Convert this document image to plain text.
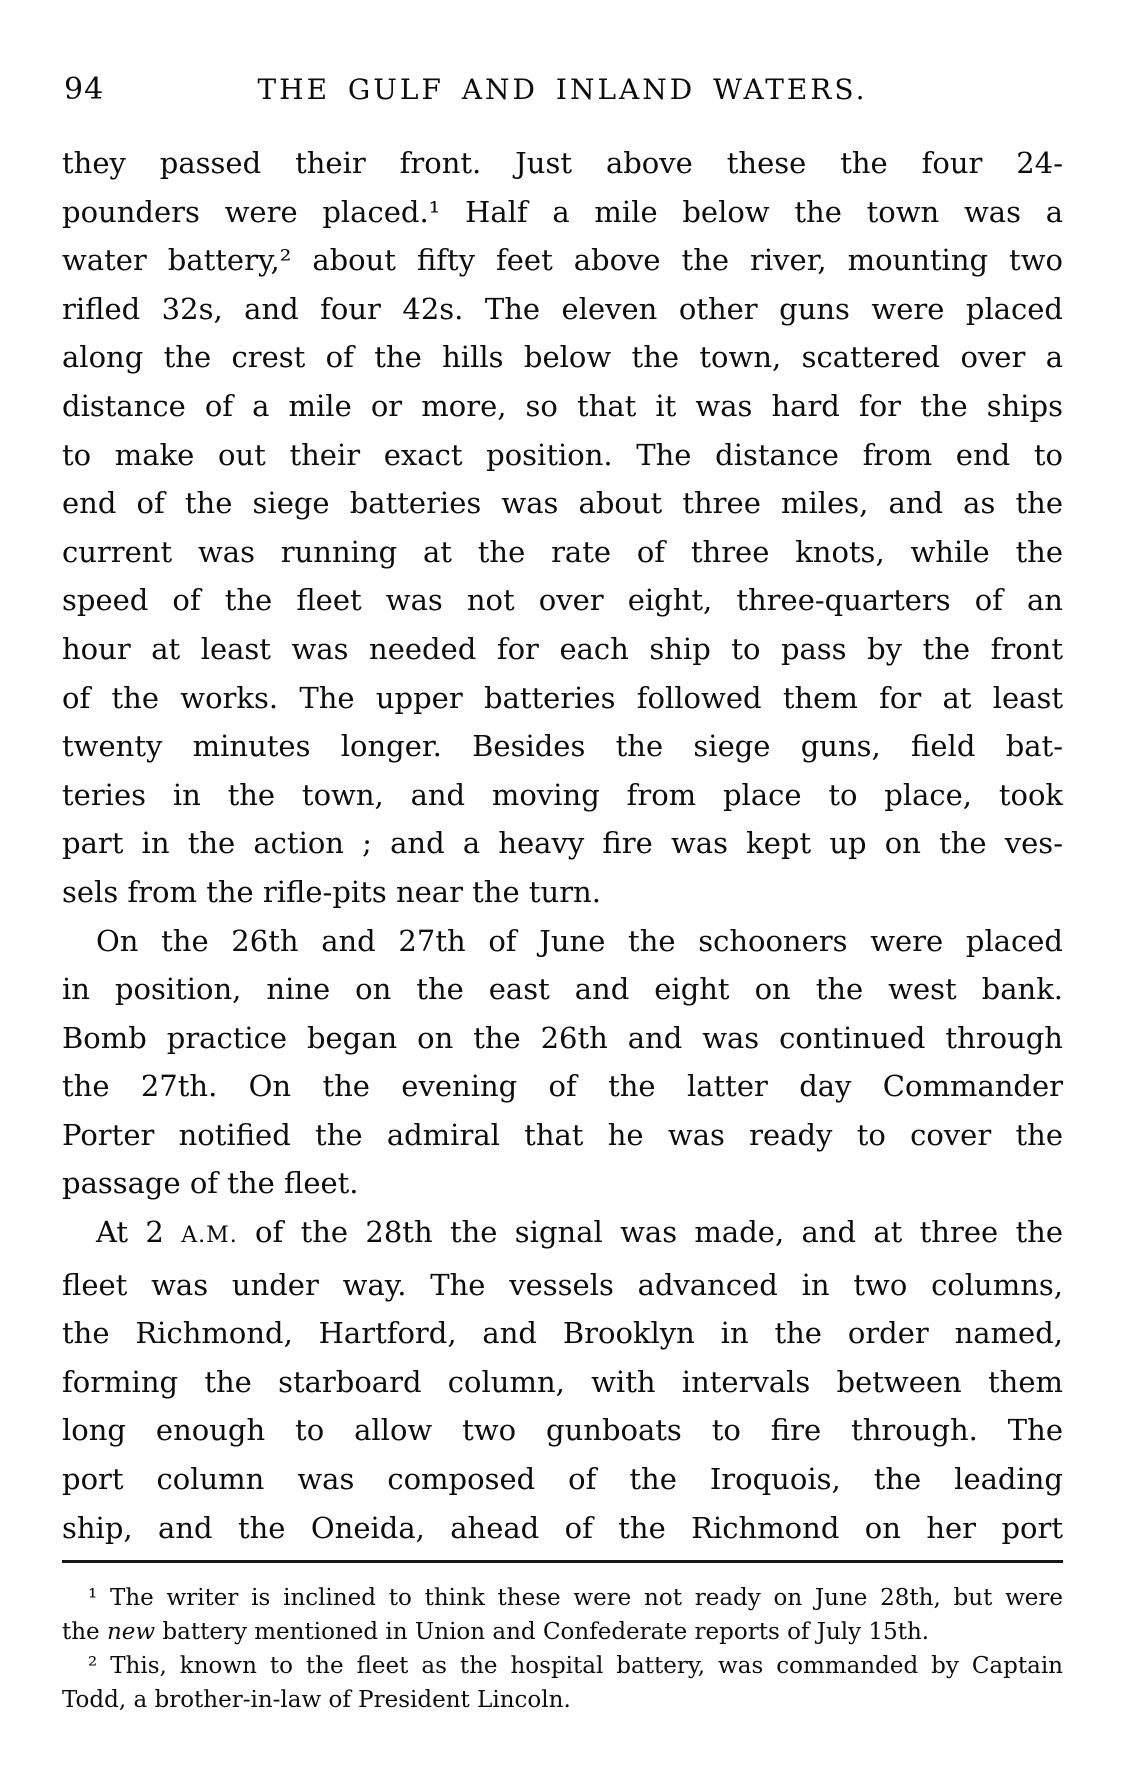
94	THE GULF AND INLAND WATERS.
they passed their front. Just above these the four 24-
pounders were placed.¹ Half a mile below the town was a
water battery,² about fifty feet above the river, mounting two
rifled 32s, and four 42s. The eleven other guns were placed
along the crest of the hills below the town, scattered over a
distance of a mile or more, so that it was hard for the ships
to make out their exact position. The distance from end to
end of the siege batteries was about three miles, and as the
current was running at the rate of three knots, while the
speed of the fleet was not over eight, three-quarters of an
hour at least was needed for each ship to pass by the front
of the works. The upper batteries followed them for at least
twenty minutes longer. Besides the siege guns, field bat-
teries in the town, and moving from place to place, took
part in the action ; and a heavy fire was kept up on the ves-
sels from the rifle-pits near the turn.
On the 26th and 27th of June the schooners were placed
in position, nine on the east and eight on the west bank.
Bomb practice began on the 26th and was continued through
the 27th. On the evening of the latter day Commander
Porter notified the admiral that he was ready to cover the
passage of the fleet.
At 2 A.M. of the 28th the signal was made, and at three the
fleet was under way. The vessels advanced in two columns,
the Richmond, Hartford, and Brooklyn in the order named,
forming the starboard column, with intervals between them
long enough to allow two gunboats to fire through. The
port column was composed of the Iroquois, the leading
ship, and the Oneida, ahead of the Richmond on her port
¹ The writer is inclined to think these were not ready on June 28th, but were
the new battery mentioned in Union and Confederate reports of July 15th.
² This, known to the fleet as the hospital battery, was commanded by Captain
Todd, a brother-in-law of President Lincoln.
